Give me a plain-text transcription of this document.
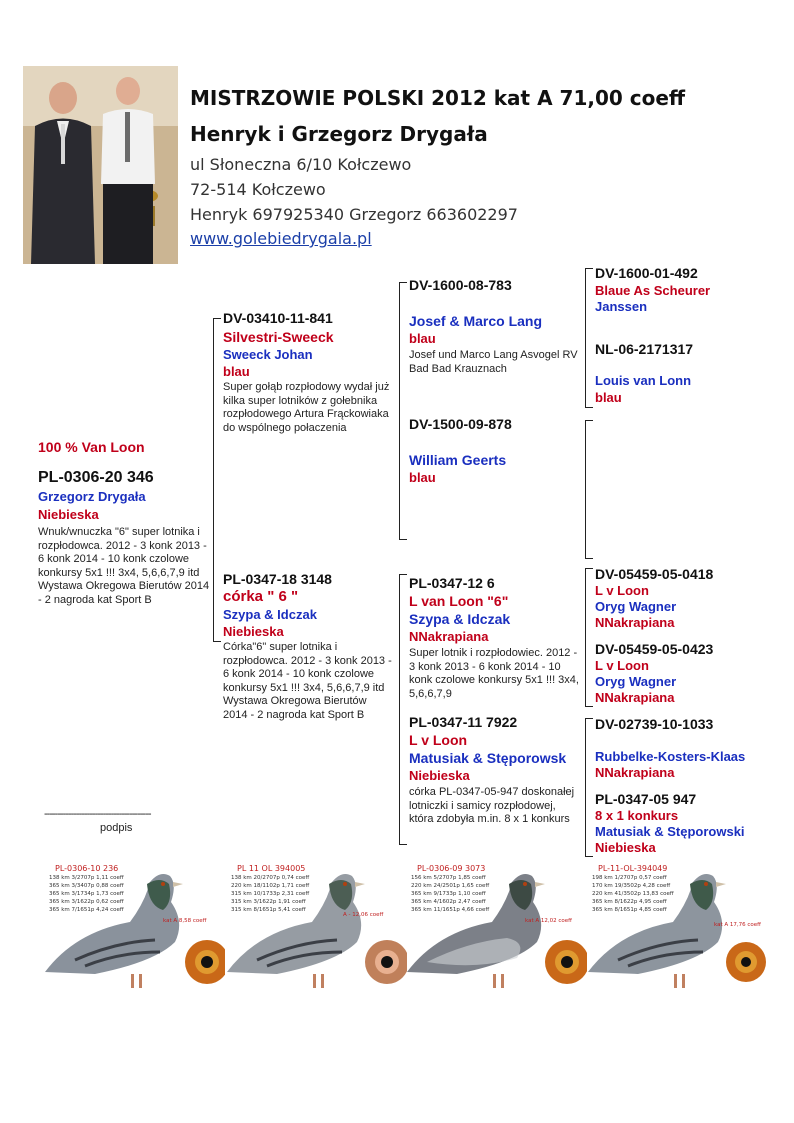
MISTRZOWIE POLSKI 2012 kat A 71,00 coeff
Henryk i Grzegorz Drygała
ul Słoneczna 6/10 Kołczewo
72-514 Kołczewo
Henryk 697925340 Grzegorz 663602297
www.golebiedrygala.pl
100 % Van Loon
PL-0306-20 346
Grzegorz Drygała
Niebieska
Wnuk/wnuczka "6" super lotnika i rozpłodowca. 2012 - 3 konk 2013 - 6 konk 2014 - 10 konk czolowe konkursy 5x1 !!! 3x4, 5,6,6,7,9 itd Wystawa Okregowa Bierutów 2014 - 2 nagroda kat Sport B
----------------------------------------
podpis
DV-03410-11-841
Silvestri-Sweeck
Sweeck Johan
blau
Super gołąb rozpłodowy wydał już kilka super lotników z gołebnika rozpłodowego Artura Frąckowiaka do wspólnego połaczenia
PL-0347-18 3148
córka " 6 "
Szypa & Idczak
Niebieska
Córka"6" super lotnika i rozpłodowca. 2012 - 3 konk 2013 - 6 konk 2014 - 10 konk czolowe konkursy 5x1 !!! 3x4, 5,6,6,7,9 itd Wystawa Okregowa Bierutów 2014 - 2 nagroda kat Sport B
DV-1600-08-783
Josef & Marco Lang
blau
Josef und Marco Lang Asvogel RV Bad Bad Krauznach
DV-1500-09-878
William Geerts
blau
PL-0347-12 6
L van Loon "6"
Szypa & Idczak
NNakrapiana
Super lotnik i rozpłodowiec. 2012 - 3 konk 2013 - 6 konk 2014 - 10 konk czolowe konkursy 5x1 !!! 3x4, 5,6,6,7,9
PL-0347-11 7922
L v Loon
Matusiak & Stęporowsk
Niebieska
córka PL-0347-05-947 doskonałej lotniczki i samicy rozpłodowej, która zdobyła m.in. 8 x 1 konkurs
DV-1600-01-492
Blaue As Scheurer
Janssen
NL-06-2171317
Louis van Lonn
blau
DV-05459-05-0418
L v Loon
Oryg Wagner
NNakrapiana
DV-05459-05-0423
L v Loon
Oryg Wagner
NNakrapiana
DV-02739-10-1033
Rubbelke-Kosters-Klaas
NNakrapiana
PL-0347-05 947
8 x 1 konkurs
Matusiak & Stęporowski
Niebieska
PL-0306-10 236
138 km 3/2707p 1,11 coeff
365 km 3/3407p 0,88 coeff
365 km 3/1734p 1,73 coeff
365 km 3/1622p 0,62 coeff
365 km 7/1651p 4,24 coeff
kat A 8,58 coeff
PL 11 OL 394005
138 km 20/2707p 0,74 coeff
220 km 18/1102p 1,71 coeff
315 km 10/1733p 2,31 coeff
315 km 3/1622p 1,91 coeff
315 km 8/1651p 5,41 coeff
A - 12,06 coeff
PL-0306-09 3073
156 km 5/2707p 1,85 coeff
220 km 24/2501p 1,65 coeff
365 km 9/1733p 1,10 coeff
365 km 4/1602p 2,47 coeff
365 km 11/1651p 4,66 coeff
kat A 12,02 coeff
PL-11-OL-394049
198 km 1/2707p 0,57 coeff
170 km 19/3502p 4,28 coeff
220 km 41/3502p 13,83 coeff
365 km 8/1622p 4,95 coeff
365 km 8/1651p 4,85 coeff
kat A 17,76 coeff
